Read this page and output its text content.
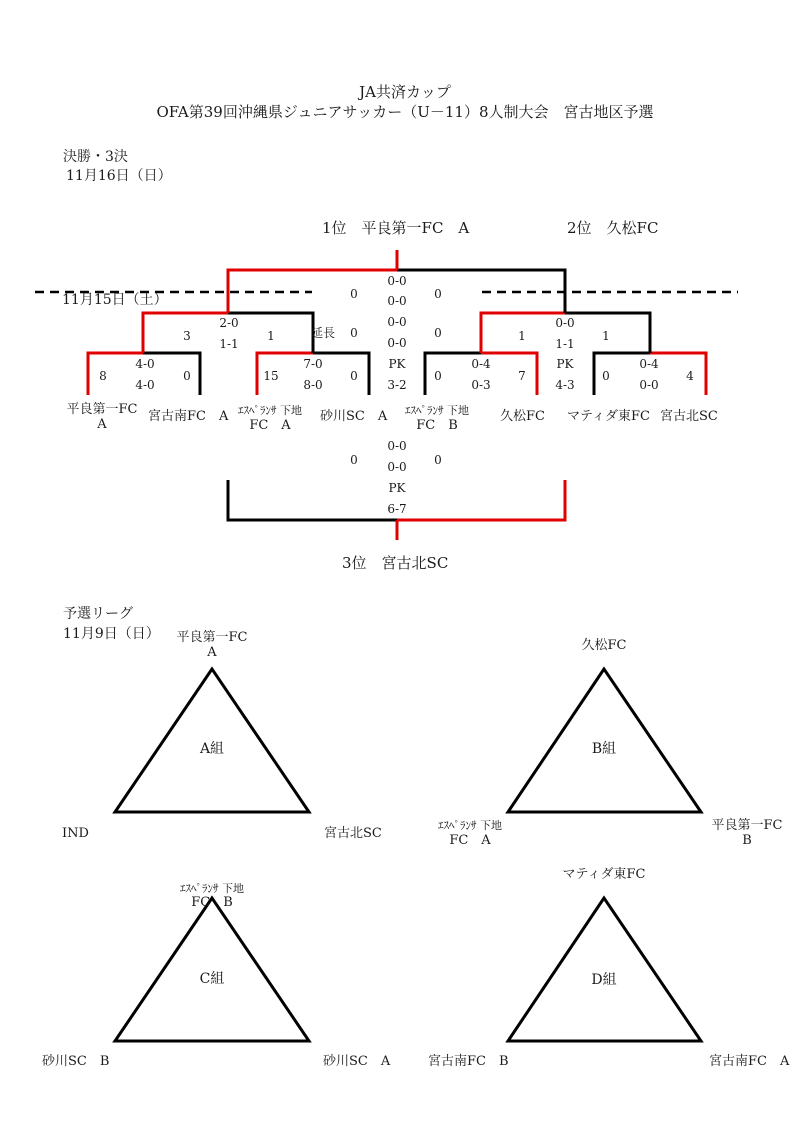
JA共済カップ
OFA第39回沖縄県ジュニアサッカー（U－11）8人制大会　宮古地区予選
決勝・3決
11月16日（日）
1位　平良第一FC　A	2位　久松FC
11月15日（土）	0
0-0
0-0	0
3
2-0
1-1
1	延長	0
0-0
0-0
PK
3-2
0	1
0-0
1-1
PK
4-3
1
8
4-0
4-0
0	15
7-0
8-0
0	0
0-4
0-3
7	0
0-4
0-0
4
平良第一FC
A
宮古南FC　A ｴｽﾍﾟﾗﾝｻ 下地
FC　A
砂川SC　A	ｴｽﾍﾟﾗﾝｻ 下地
FC　B
久松FC マティダ東FC 宮古北SC
0
0-0
0-0
PK
6-7
0
3位　宮古北SC
予選リーグ
11月9日（日）	平良第一FC
A
A組
IND	宮古北SC
久松FC
B組
ｴｽﾍﾟﾗﾝｻ 下地
FC　A
平良第一FC
B
ｴｽﾍﾟﾗﾝｻ 下地
FC　B
C組
砂川SC　B	砂川SC　A
マティダ東FC
D組
宮古南FC　B	宮古南FC　A
